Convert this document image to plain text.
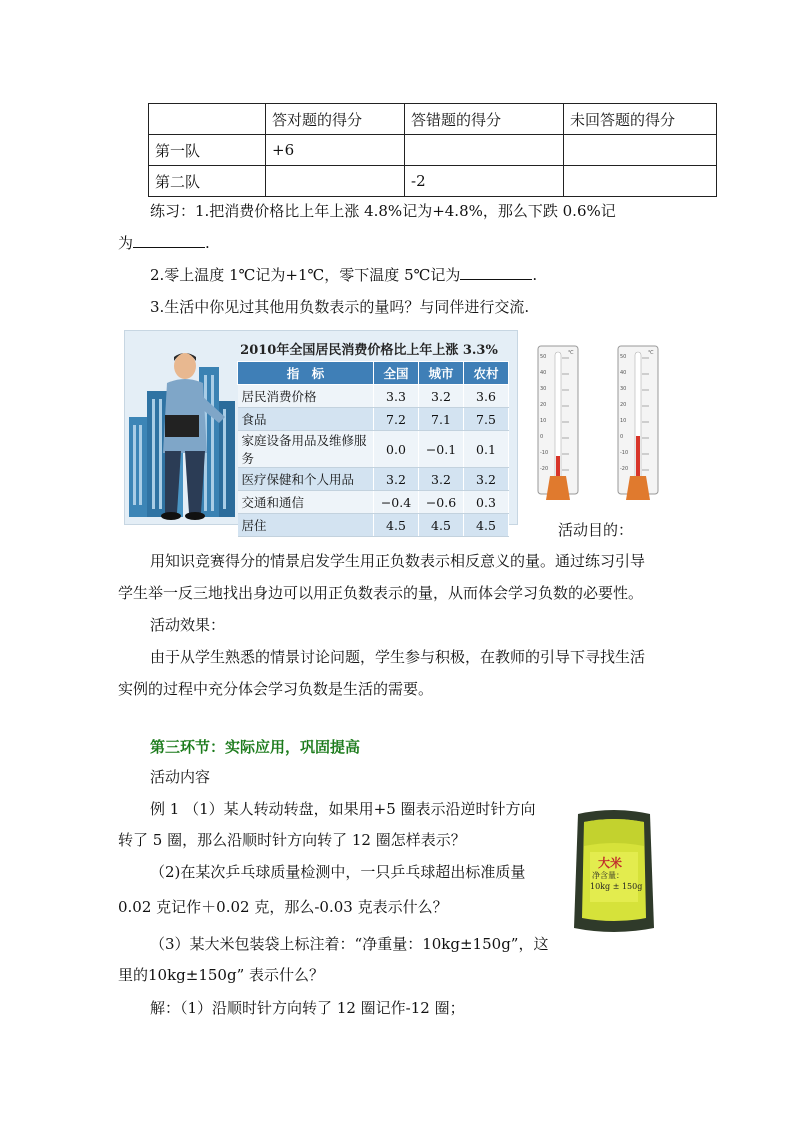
	答对题的得分	答错题的得分	未回答题的得分
第一队	+6		
第二队		-2	
练习：1.把消费价格比上年上涨 4.8%记为+4.8%，那么下跌 0.6%记
为	.
2.零上温度 1℃记为+1℃，零下温度 5℃记为	.
3.生活中你见过其他用负数表示的量吗？与同伴进行交流.
2010年全国居民消费价格比上年上涨 3.3%
指　标	全国	城市	农村
居民消费价格	3.3	3.2	3.6
食品	7.2	7.1	7.5
家庭设备用品及维修服务	0.0	−0.1	0.1
医疗保健和个人用品	3.2	3.2	3.2
交通和通信	−0.4	−0.6	0.3
居住	4.5	4.5	4.5
50
40
30
20
10
0
-10
-20
℃
50
40
30
20
10
0
-10
-20
℃
活动目的：
用知识竞赛得分的情景启发学生用正负数表示相反意义的量。通过练习引导
学生举一反三地找出身边可以用正负数表示的量，从而体会学习负数的必要性。
活动效果：
由于从学生熟悉的情景讨论问题，学生参与积极，在教师的引导下寻找生活
实例的过程中充分体会学习负数是生活的需要。
第三环节：实际应用，巩固提高
活动内容
例 1 （1）某人转动转盘，如果用+5 圈表示沿逆时针方向
转了 5 圈，那么沿顺时针方向转了 12 圈怎样表示？
（2)在某次乒乓球质量检测中，一只乒乓球超出标准质量
0.02 克记作＋0.02 克，那么-0.03 克表示什么？
（3）某大米包装袋上标注着：“净重量：10kg±150g”，这
里的10kg±150g” 表示什么？
解：（1）沿顺时针方向转了 12 圈记作-12 圈；
大米
净含量：
10kg ± 150g
